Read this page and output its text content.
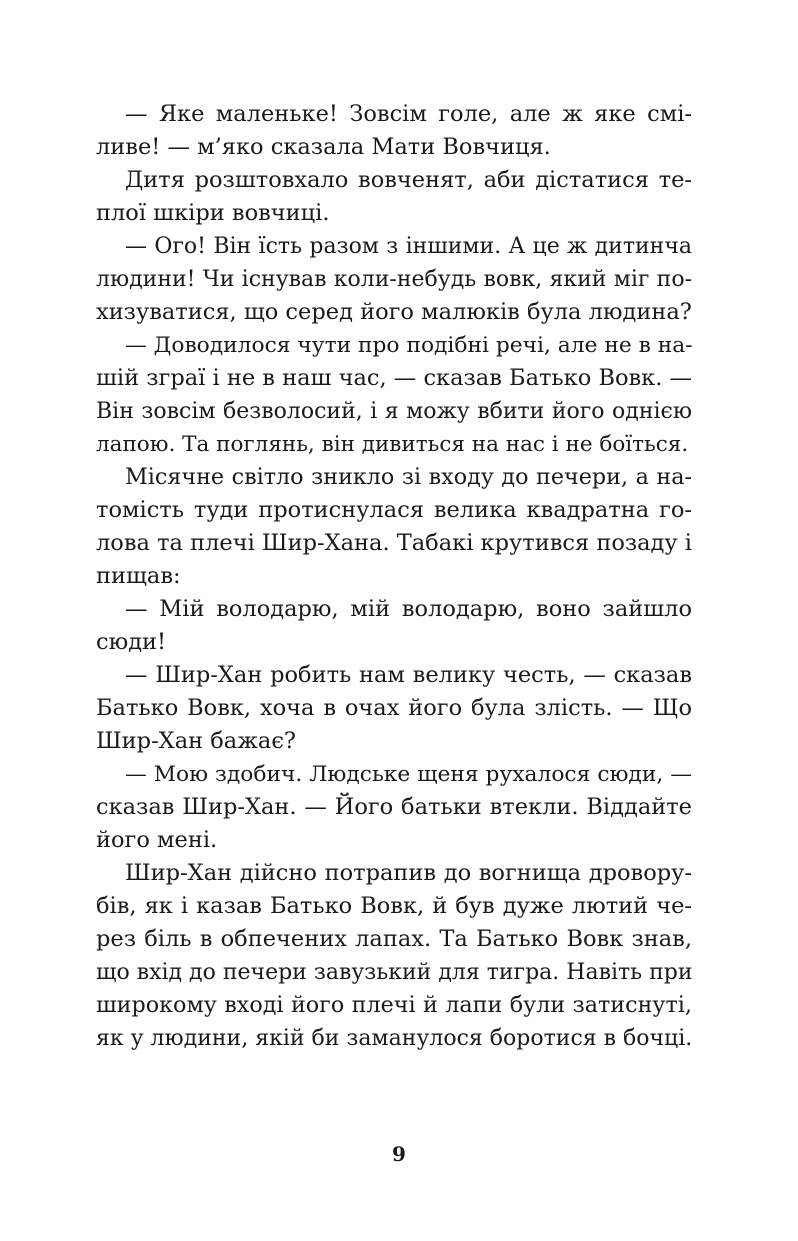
— Яке маленьке! Зовсім голе, але ж яке смі-
ливе! — м’яко сказала Мати Вовчиця.
Дитя розштовхало вовченят, аби дістатися те-
плої шкіри вовчиці.
— Ого! Він їсть разом з іншими. А це ж дитинча
людини! Чи існував коли-небудь вовк, який міг по-
хизуватися, що серед його малюків була людина?
— Доводилося чути про подібні речі, але не в на-
шій зграї і не в наш час, — сказав Батько Вовк. —
Він зовсім безволосий, і я можу вбити його однією
лапою. Та поглянь, він дивиться на нас і не боїться.
Місячне світло зникло зі входу до печери, а на-
томість туди протиснулася велика квадратна го-
лова та плечі Шир-Хана. Табакі крутився позаду і
пищав:
— Мій володарю, мій володарю, воно зайшло
сюди!
— Шир-Хан робить нам велику честь, — сказав
Батько Вовк, хоча в очах його була злість. — Що
Шир-Хан бажає?
— Мою здобич. Людське щеня рухалося сюди, —
сказав Шир-Хан. — Його батьки втекли. Віддайте
його мені.
Шир-Хан дійсно потрапив до вогнища дровору-
бів, як і казав Батько Вовк, й був дуже лютий че-
рез біль в обпечених лапах. Та Батько Вовк знав,
що вхід до печери завузький для тигра. Навіть при
широкому вході його плечі й лапи були затиснуті,
як у людини, якій би заманулося боротися в бочці.
9
